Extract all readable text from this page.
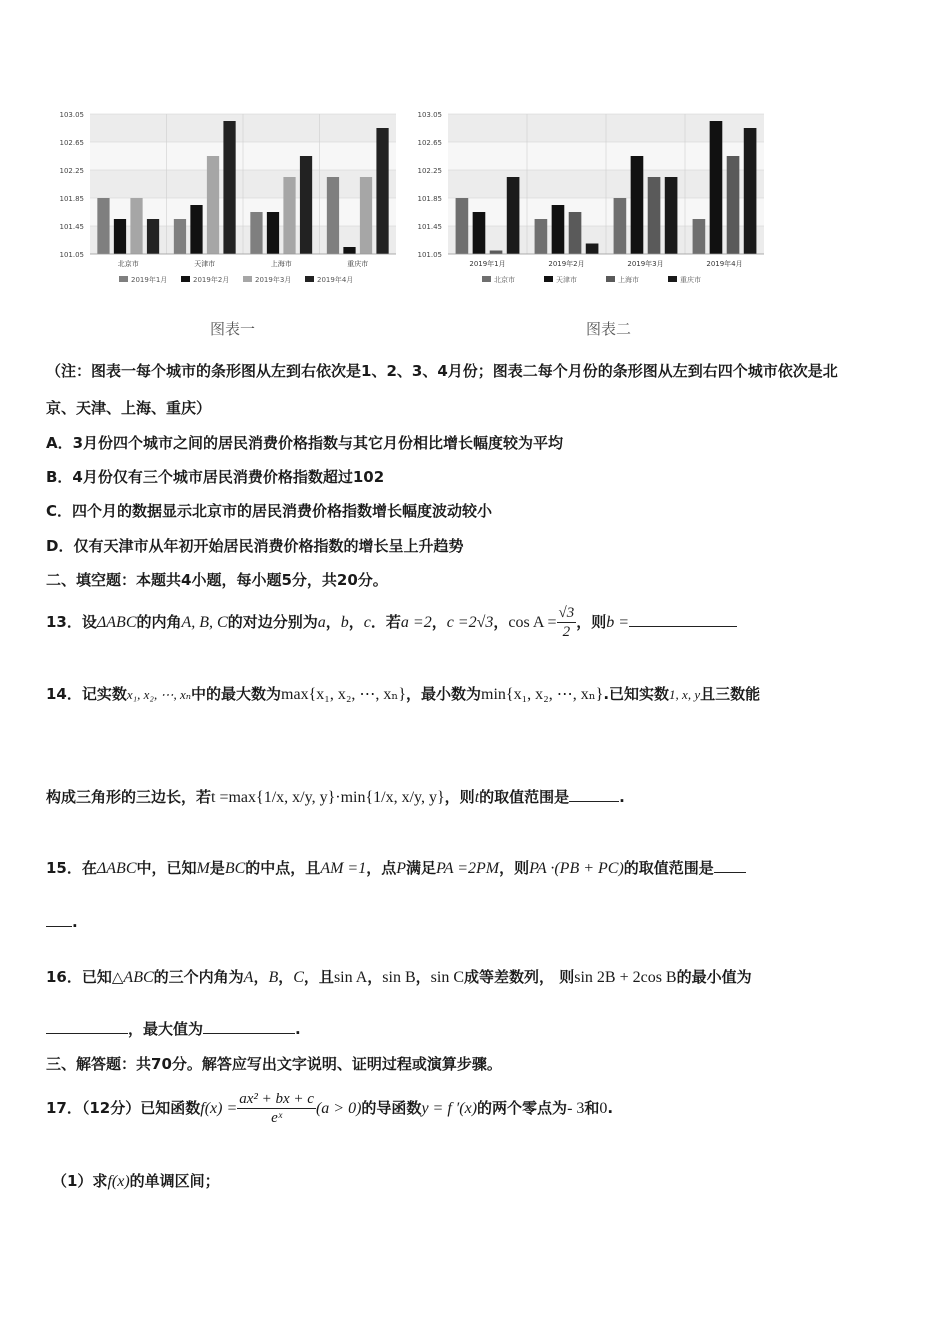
103.05
102.65
102.25
101.85
101.45
101.05
北京市	天津市	上海市	重庆市
2019年1月	2019年2月	2019年3月	2019年4月
图表一
103.05
102.65
102.25
101.85
101.45
101.05
2019年1月	2019年2月	2019年3月	2019年4月
北京市	天津市	上海市	重庆市
图表二
（注：图表一每个城市的条形图从左到右依次是1、2、3、4月份；图表二每个月份的条形图从左到右四个城市依次是北
京、天津、上海、重庆）
A．3月份四个城市之间的居民消费价格指数与其它月份相比增长幅度较为平均
B．4月份仅有三个城市居民消费价格指数超过102
C．四个月的数据显示北京市的居民消费价格指数增长幅度波动较小
D．仅有天津市从年初开始居民消费价格指数的增长呈上升趋势
二、填空题：本题共4小题，每小题5分，共20分。
13．设ΔABC的内角A, B, C的对边分别为a，b，c．若a =2，c =2√3，$\cos A = \frac{√3}{2}$ ，则b =
14．记实数x₁, x₂, ⋯, xₙ中的最大数为max{x₁, x₂, ⋯, xₙ}，最小数为min{x₁, x₂, ⋯, xₙ}.已知实数1, x, y且三数能
构成三角形的三边长，若t =max{1/x, x/y, y}·min{1/x, x/y, y}，则t的取值范围是	.
15．在ΔABC中，已知M是BC的中点，且AM =1，点P满足PA =2PM，则PA ·(PB + PC)的取值范围是
.
16．已知△ABC的三个内角为A，B，C，且sin A，sin B，sin C成等差数列， 则sin 2B + 2cos B的最小值为
，最大值为	.
三、解答题：共70分。解答应写出文字说明、证明过程或演算步骤。
17．（12分）已知函数$f(x) = \frac{\text{ax² + bx + c}}{\text{eˣ}} (a > 0)$的导函数y = f ′(x)的两个零点为- 3和0.
（1）求f(x)的单调区间；
